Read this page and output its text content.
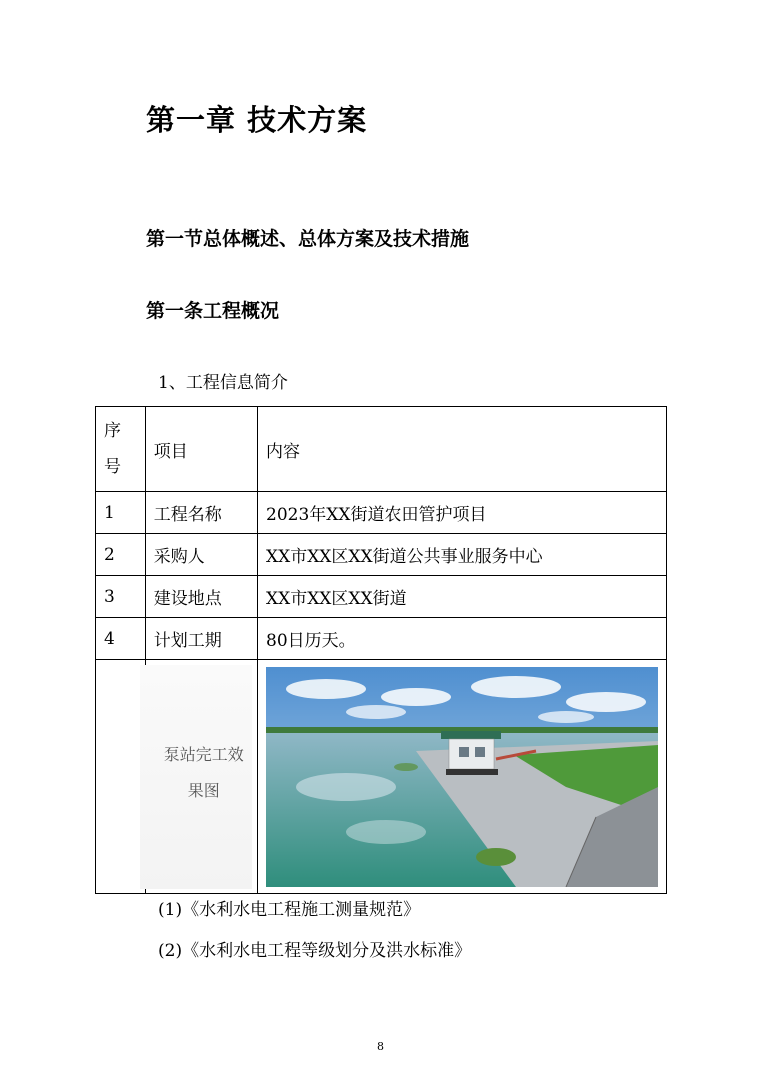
第一章 技术方案
第一节总体概述、总体方案及技术措施
第一条工程概况
1、工程信息简介
序
号	项目	内容
1	工程名称	2023年XX街道农田管护项目
2	采购人	XX市XX区XX街道公共事业服务中心
3	建设地点	XX市XX区XX街道
4	计划工期	80日历天。

	泵站完工效果图

(1)《水利水电工程施工测量规范》
(2)《水利水电工程等级划分及洪水标准》
8
